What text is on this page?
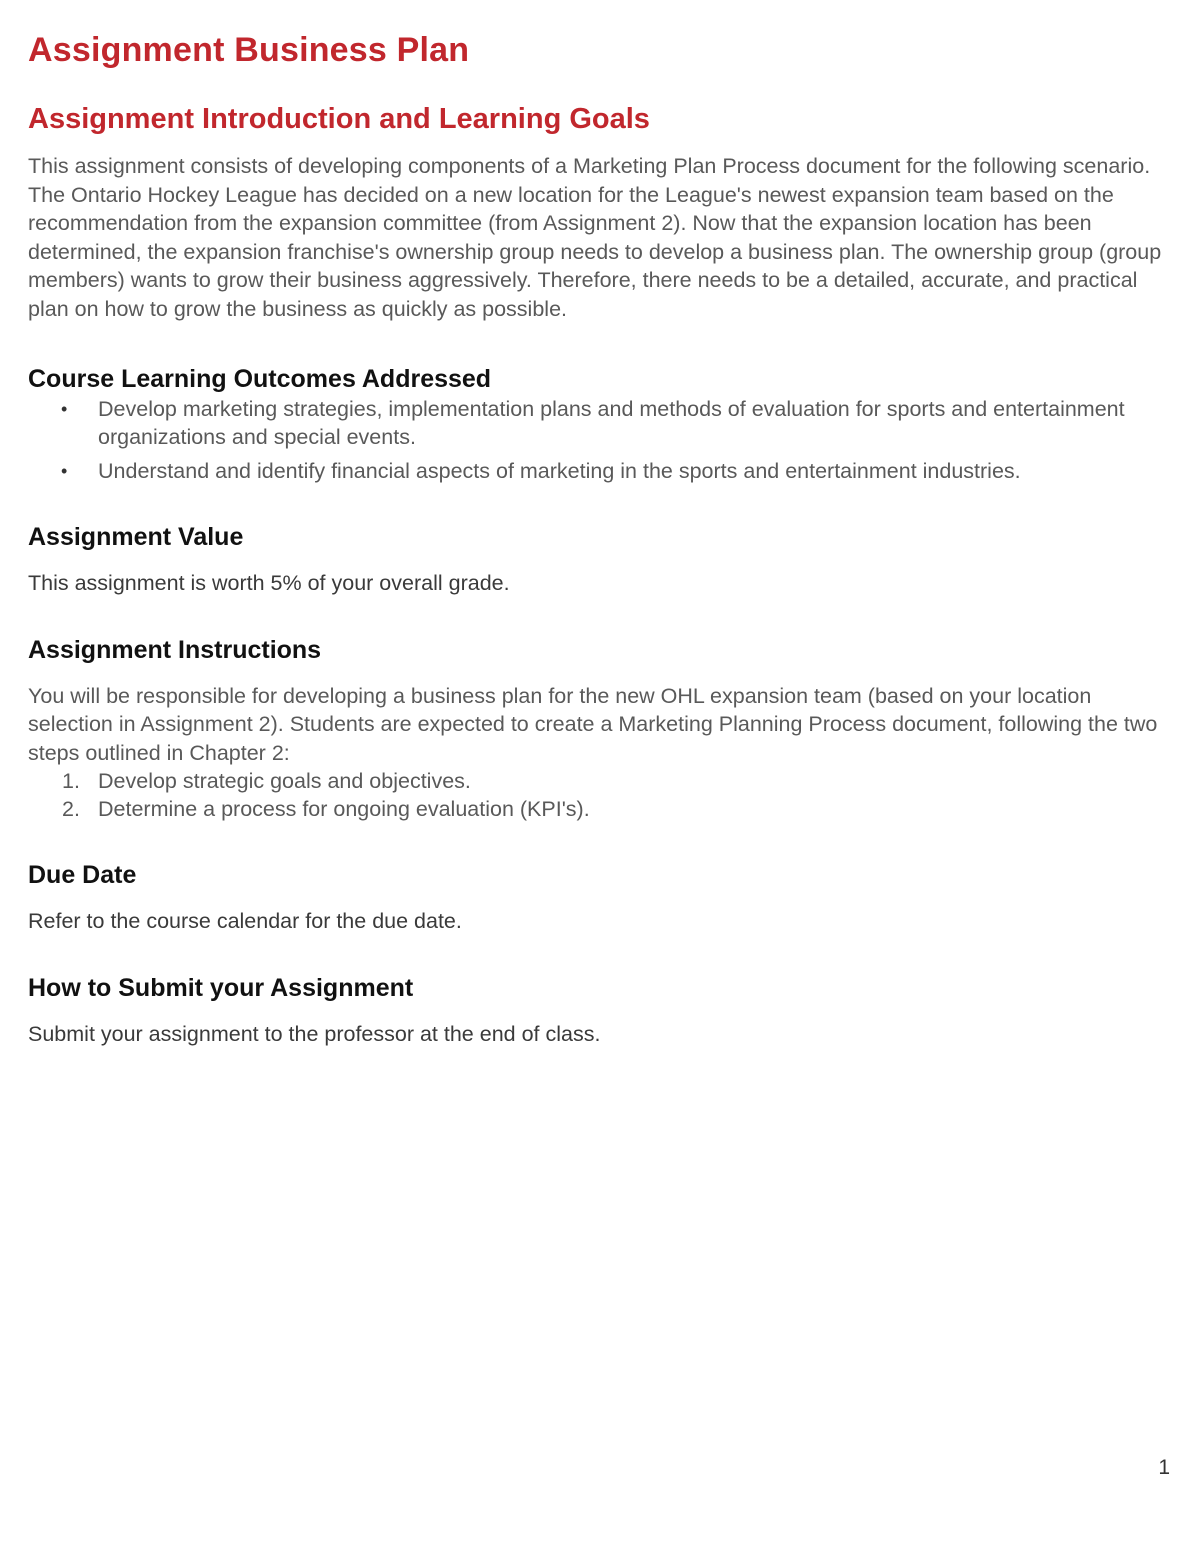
Assignment Business Plan
Assignment Introduction and Learning Goals

This assignment consists of developing components of a Marketing Plan Process document for the following scenario. The Ontario Hockey League has decided on a new location for the League's newest expansion team based on the recommendation from the expansion committee (from Assignment 2). Now that the expansion location has been determined, the expansion franchise's ownership group needs to develop a business plan. The ownership group (group members) wants to grow their business aggressively. Therefore, there needs to be a detailed, accurate, and practical plan on how to grow the business as quickly as possible.

Course Learning Outcomes Addressed
• Develop marketing strategies, implementation plans and methods of evaluation for sports and entertainment organizations and special events.
• Understand and identify financial aspects of marketing in the sports and entertainment industries.
Assignment Value

This assignment is worth 5% of your overall grade.

Assignment Instructions

You will be responsible for developing a business plan for the new OHL expansion team (based on your location selection in Assignment 2). Students are expected to create a Marketing Planning Process document, following the two steps outlined in Chapter 2:

1. Develop strategic goals and objectives.
2. Determine a process for ongoing evaluation (KPI's).
Due Date

Refer to the course calendar for the due date.

How to Submit your Assignment

Submit your assignment to the professor at the end of class.

1
